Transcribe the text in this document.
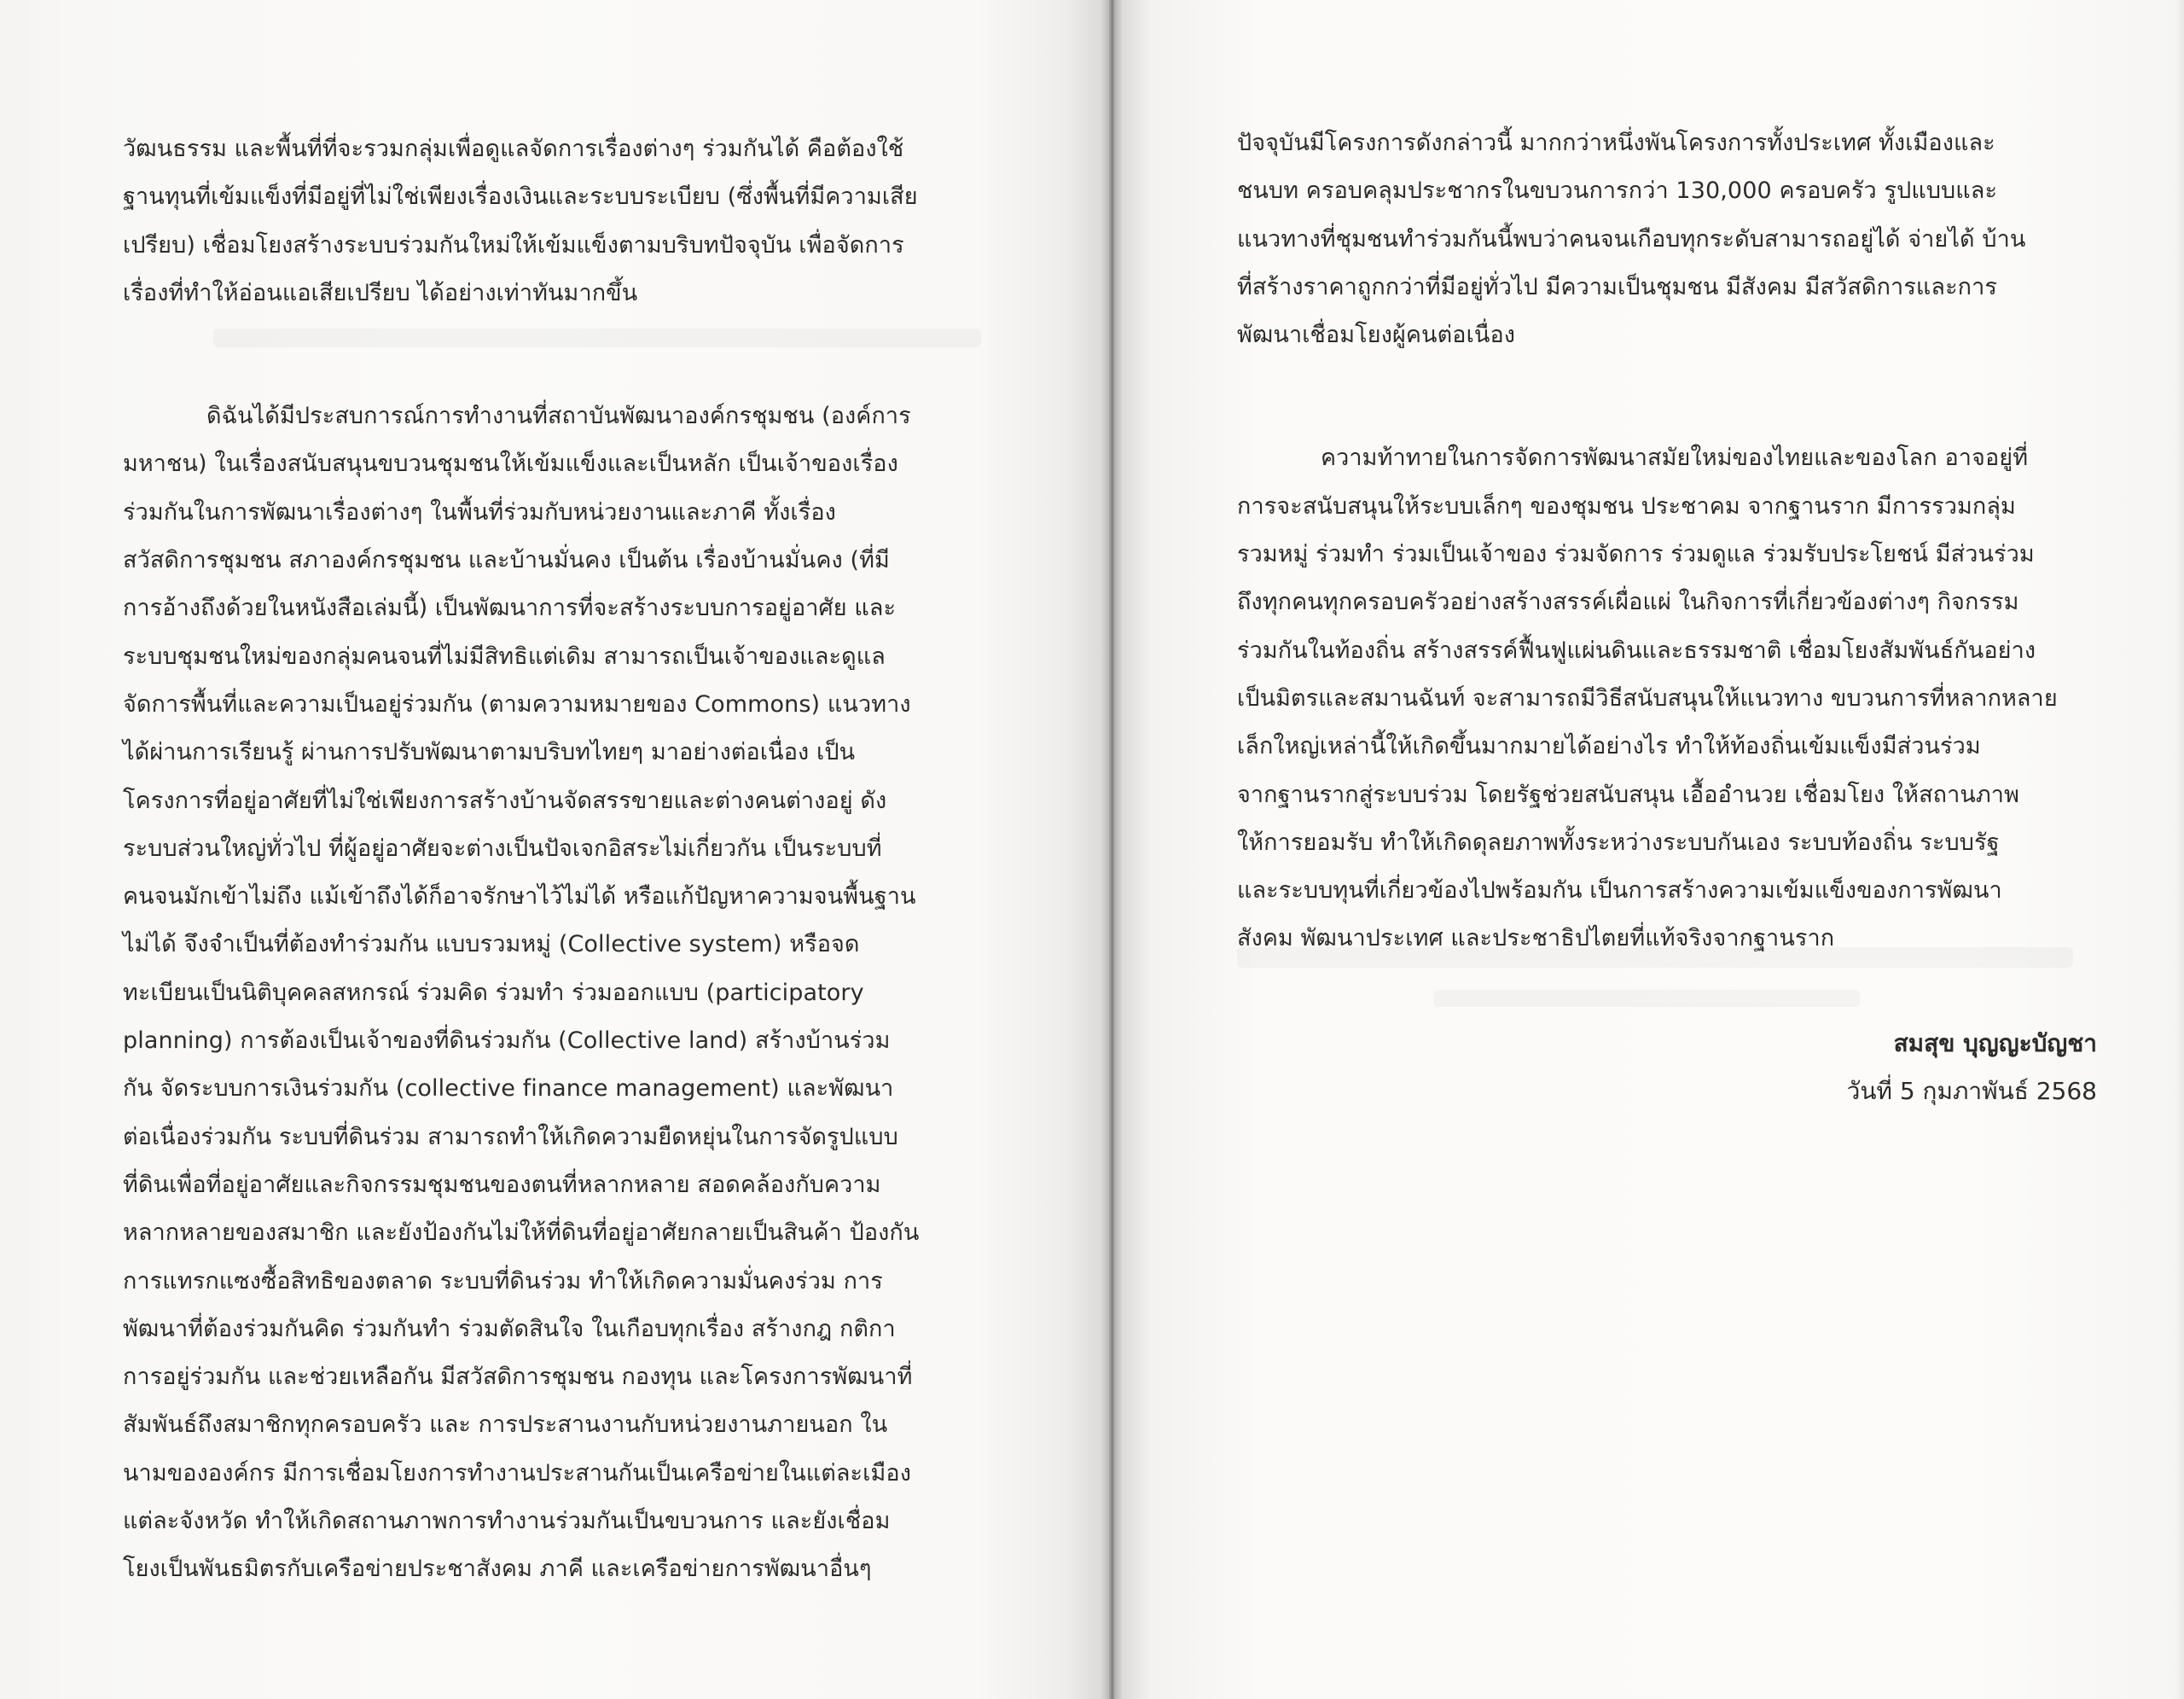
วัฒนธรรม และพื้นที่ที่จะรวมกลุ่มเพื่อดูแลจัดการเรื่องต่างๆ ร่วมกันได้ คือต้องใช้
ฐานทุนที่เข้มแข็งที่มีอยู่ที่ไม่ใช่เพียงเรื่องเงินและระบบระเบียบ (ซึ่งพื้นที่มีความเสีย
เปรียบ) เชื่อมโยงสร้างระบบร่วมกันใหม่ให้เข้มแข็งตามบริบทปัจจุบัน เพื่อจัดการ
เรื่องที่ทำให้อ่อนแอเสียเปรียบ ได้อย่างเท่าทันมากขึ้น
ดิฉันได้มีประสบการณ์การทำงานที่สถาบันพัฒนาองค์กรชุมชน (องค์การ
มหาชน) ในเรื่องสนับสนุนขบวนชุมชนให้เข้มแข็งและเป็นหลัก เป็นเจ้าของเรื่อง
ร่วมกันในการพัฒนาเรื่องต่างๆ ในพื้นที่ร่วมกับหน่วยงานและภาคี ทั้งเรื่อง
สวัสดิการชุมชน สภาองค์กรชุมชน และบ้านมั่นคง เป็นต้น เรื่องบ้านมั่นคง (ที่มี
การอ้างถึงด้วยในหนังสือเล่มนี้) เป็นพัฒนาการที่จะสร้างระบบการอยู่อาศัย และ
ระบบชุมชนใหม่ของกลุ่มคนจนที่ไม่มีสิทธิแต่เดิม สามารถเป็นเจ้าของและดูแล
จัดการพื้นที่และความเป็นอยู่ร่วมกัน (ตามความหมายของ Commons) แนวทาง
ได้ผ่านการเรียนรู้ ผ่านการปรับพัฒนาตามบริบทไทยๆ มาอย่างต่อเนื่อง เป็น
โครงการที่อยู่อาศัยที่ไม่ใช่เพียงการสร้างบ้านจัดสรรขายและต่างคนต่างอยู่ ดัง
ระบบส่วนใหญ่ทั่วไป ที่ผู้อยู่อาศัยจะต่างเป็นปัจเจกอิสระไม่เกี่ยวกัน เป็นระบบที่
คนจนมักเข้าไม่ถึง แม้เข้าถึงได้ก็อาจรักษาไว้ไม่ได้ หรือแก้ปัญหาความจนพื้นฐาน
ไม่ได้ จึงจำเป็นที่ต้องทำร่วมกัน แบบรวมหมู่ (Collective system) หรือจด
ทะเบียนเป็นนิติบุคคลสหกรณ์ ร่วมคิด ร่วมทำ ร่วมออกแบบ (participatory
planning) การต้องเป็นเจ้าของที่ดินร่วมกัน (Collective land) สร้างบ้านร่วม
กัน จัดระบบการเงินร่วมกัน (collective finance management) และพัฒนา
ต่อเนื่องร่วมกัน ระบบที่ดินร่วม สามารถทำให้เกิดความยืดหยุ่นในการจัดรูปแบบ
ที่ดินเพื่อที่อยู่อาศัยและกิจกรรมชุมชนของตนที่หลากหลาย สอดคล้องกับความ
หลากหลายของสมาชิก และยังป้องกันไม่ให้ที่ดินที่อยู่อาศัยกลายเป็นสินค้า ป้องกัน
การแทรกแซงซื้อสิทธิของตลาด ระบบที่ดินร่วม ทำให้เกิดความมั่นคงร่วม การ
พัฒนาที่ต้องร่วมกันคิด ร่วมกันทำ ร่วมตัดสินใจ ในเกือบทุกเรื่อง สร้างกฎ กติกา
การอยู่ร่วมกัน และช่วยเหลือกัน มีสวัสดิการชุมชน กองทุน และโครงการพัฒนาที่
สัมพันธ์ถึงสมาชิกทุกครอบครัว และ การประสานงานกับหน่วยงานภายนอก ใน
นามขององค์กร มีการเชื่อมโยงการทำงานประสานกันเป็นเครือข่ายในแต่ละเมือง
แต่ละจังหวัด ทำให้เกิดสถานภาพการทำงานร่วมกันเป็นขบวนการ และยังเชื่อม
โยงเป็นพันธมิตรกับเครือข่ายประชาสังคม ภาคี และเครือข่ายการพัฒนาอื่นๆ
ปัจจุบันมีโครงการดังกล่าวนี้ มากกว่าหนึ่งพันโครงการทั้งประเทศ ทั้งเมืองและ
ชนบท ครอบคลุมประชากรในขบวนการกว่า 130,000 ครอบครัว รูปแบบและ
แนวทางที่ชุมชนทำร่วมกันนี้พบว่าคนจนเกือบทุกระดับสามารถอยู่ได้ จ่ายได้ บ้าน
ที่สร้างราคาถูกกว่าที่มีอยู่ทั่วไป มีความเป็นชุมชน มีสังคม มีสวัสดิการและการ
พัฒนาเชื่อมโยงผู้คนต่อเนื่อง
ความท้าทายในการจัดการพัฒนาสมัยใหม่ของไทยและของโลก อาจอยู่ที่
การจะสนับสนุนให้ระบบเล็กๆ ของชุมชน ประชาคม จากฐานราก มีการรวมกลุ่ม
รวมหมู่ ร่วมทำ ร่วมเป็นเจ้าของ ร่วมจัดการ ร่วมดูแล ร่วมรับประโยชน์ มีส่วนร่วม
ถึงทุกคนทุกครอบครัวอย่างสร้างสรรค์เผื่อแผ่ ในกิจการที่เกี่ยวข้องต่างๆ กิจกรรม
ร่วมกันในท้องถิ่น สร้างสรรค์ฟื้นฟูแผ่นดินและธรรมชาติ เชื่อมโยงสัมพันธ์กันอย่าง
เป็นมิตรและสมานฉันท์ จะสามารถมีวิธีสนับสนุนให้แนวทาง ขบวนการที่หลากหลาย
เล็กใหญ่เหล่านี้ให้เกิดขึ้นมากมายได้อย่างไร ทำให้ท้องถิ่นเข้มแข็งมีส่วนร่วม
จากฐานรากสู่ระบบร่วม โดยรัฐช่วยสนับสนุน เอื้ออำนวย เชื่อมโยง ให้สถานภาพ
ให้การยอมรับ ทำให้เกิดดุลยภาพทั้งระหว่างระบบกันเอง ระบบท้องถิ่น ระบบรัฐ
และระบบทุนที่เกี่ยวข้องไปพร้อมกัน เป็นการสร้างความเข้มแข็งของการพัฒนา
สังคม พัฒนาประเทศ และประชาธิปไตยที่แท้จริงจากฐานราก
สมสุข บุญญะบัญชา
วันที่ 5 กุมภาพันธ์ 2568
